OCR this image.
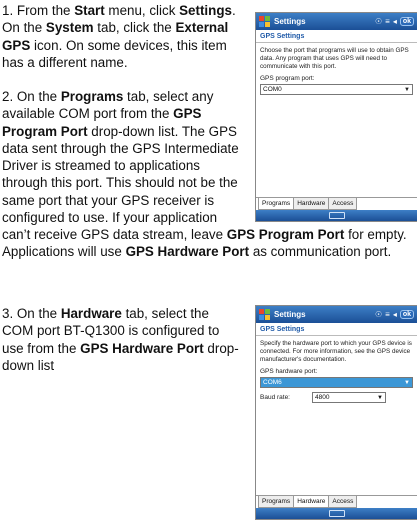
1. From the Start menu, click Settings. On the System tab, click the External GPS icon. On some devices, this item has a different name.
2. On the Programs tab, select any available COM port from the GPS Program Port drop-down list. The GPS data sent through the GPS Intermediate Driver is streamed to applications through this port. This should not be the same port that your GPS receiver is configured to use. If your application
can’t receive GPS data stream, leave GPS Program Port for empty. Applications will use GPS Hardware Port as communication port.
3. On the Hardware tab, select the COM port BT-Q1300 is configured to use from the GPS Hardware Port drop-down list
Settings	☉ ≡ ◂ ok
GPS Settings
Choose the port that programs will use to obtain GPS data. Any program that uses GPS will need to communicate with this port.
GPS program port:
COM0	▼
Programs	Hardware	Access
Settings	☉ ≡ ◂ ok
GPS Settings
Specify the hardware port to which your GPS device is connected. For more information, see the GPS device manufacturer's documentation.
GPS hardware port:
COM6	▼
Baud rate:	4800	▼
Programs	Hardware	Access
